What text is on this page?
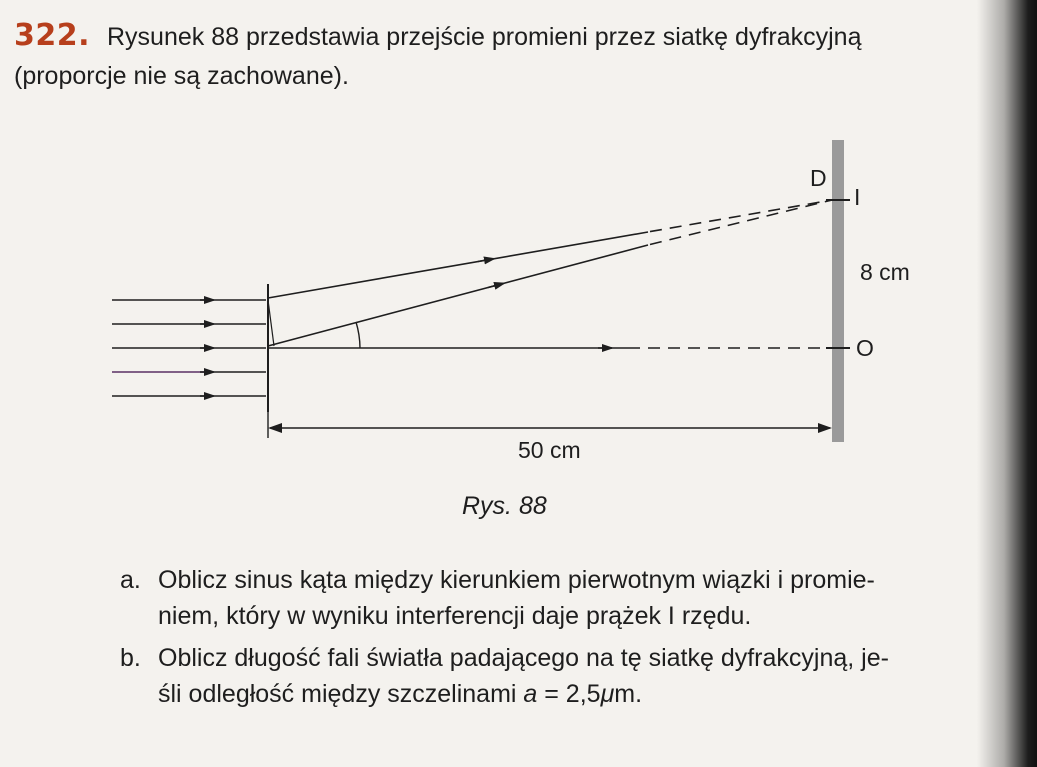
322. Rysunek 88 przedstawia przejście promieni przez siatkę dyfrakcyjną
(proporcje nie są zachowane).
D
I
O
8 cm
50 cm
Rys. 88
a. Oblicz sinus kąta między kierunkiem pierwotnym wiązki i promie-
niem, który w wyniku interferencji daje prążek I rzędu.
b. Oblicz długość fali światła padającego na tę siatkę dyfrakcyjną, je-
śli odległość między szczelinami a = 2,5μm.
